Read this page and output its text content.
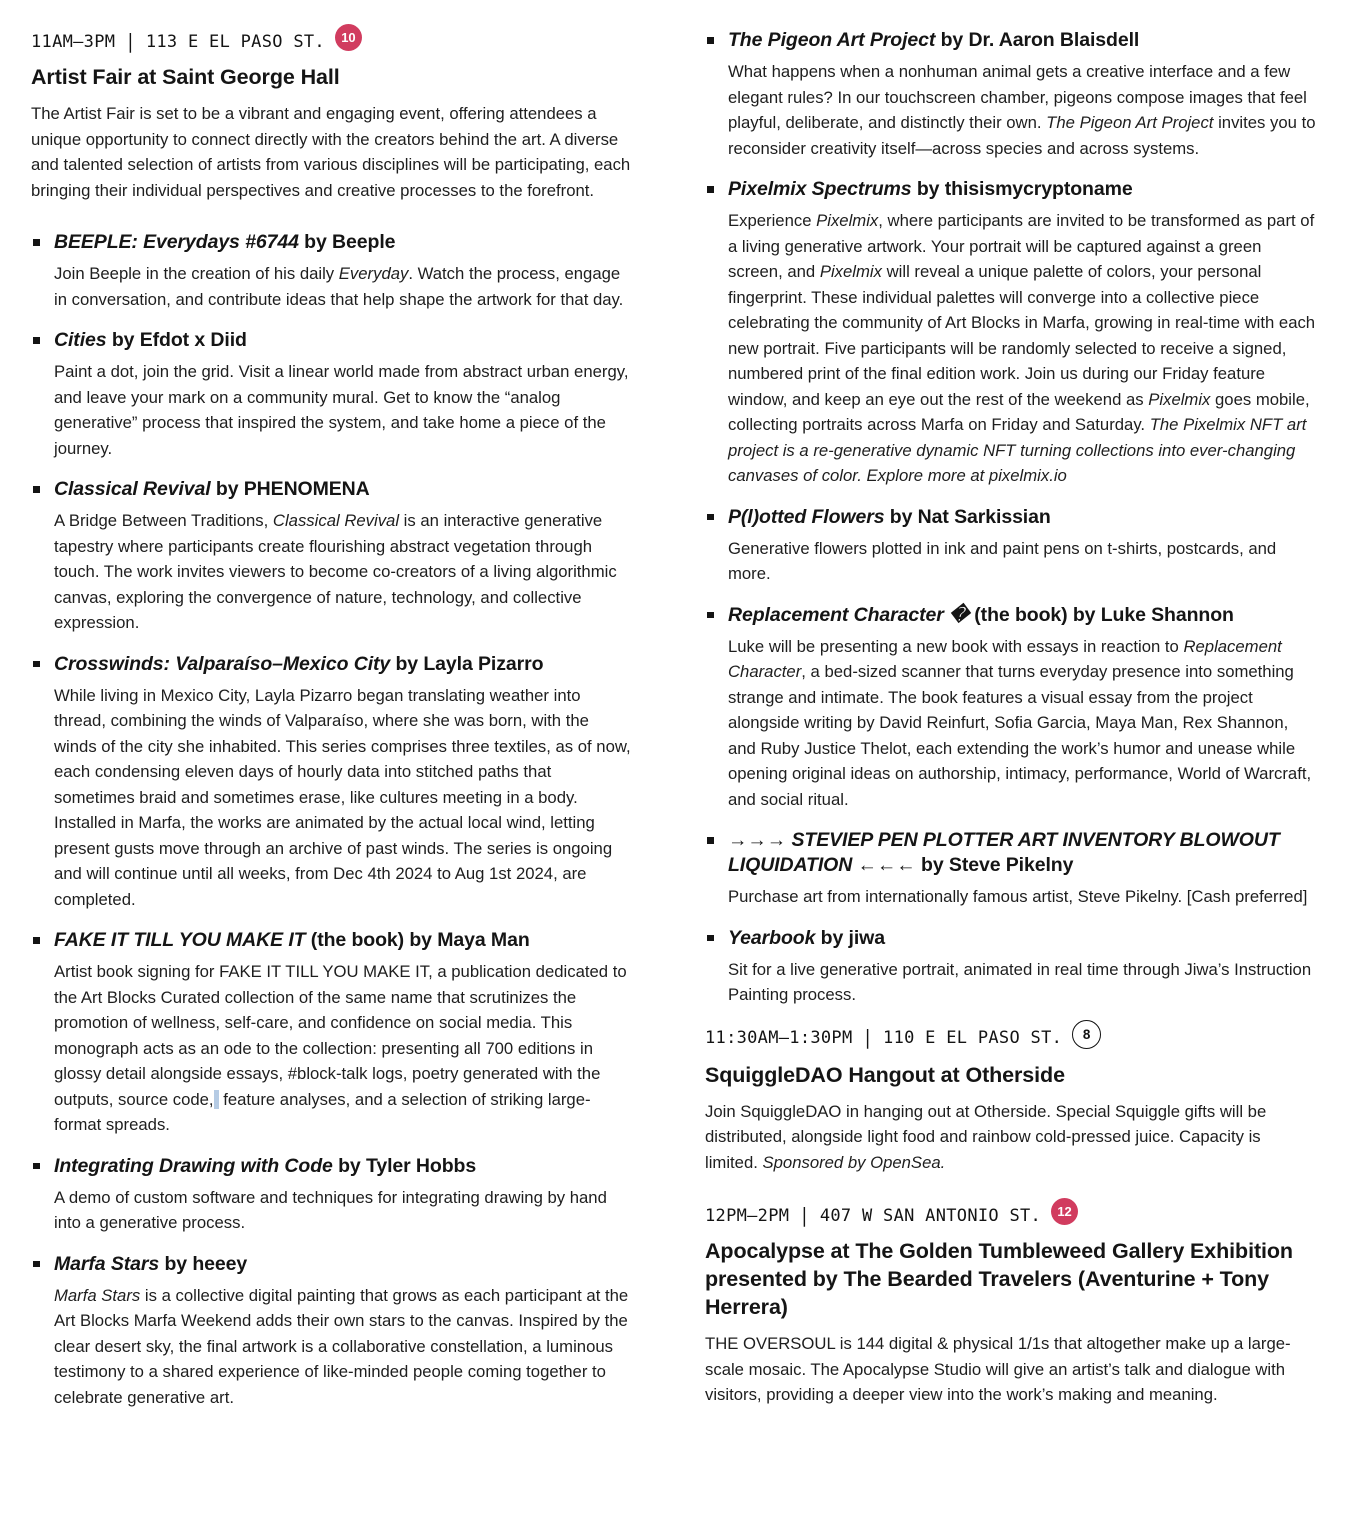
11AM–3PM | 113 E EL PASO ST.	10
Artist Fair at Saint George Hall

The Artist Fair is set to be a vibrant and engaging event, offering attendees a unique opportunity to connect directly with the creators behind the art. A diverse and talented selection of artists from various disciplines will be participating, each bringing their individual perspectives and creative processes to the forefront.

BEEPLE: Everydays #6744 by Beeple

Join Beeple in the creation of his daily Everyday. Watch the process, engage in conversation, and contribute ideas that help shape the artwork for that day.

Cities by Efdot x Diid

Paint a dot, join the grid. Visit a linear world made from abstract urban energy, and leave your mark on a community mural. Get to know the “analog generative” process that inspired the system, and take home a piece of the journey.

Classical Revival by PHENOMENA

A Bridge Between Traditions, Classical Revival is an interactive generative tapestry where participants create flourishing abstract vegetation through touch. The work invites viewers to become co-creators of a living algorithmic canvas, exploring the convergence of nature, technology, and collective expression.

Crosswinds: Valparaíso–Mexico City by Layla Pizarro

While living in Mexico City, Layla Pizarro began translating weather into thread, combining the winds of Valparaíso, where she was born, with the winds of the city she inhabited. This series comprises three textiles, as of now, each condensing eleven days of hourly data into stitched paths that sometimes braid and sometimes erase, like cultures meeting in a body. Installed in Marfa, the works are animated by the actual local wind, letting present gusts move through an archive of past winds. The series is ongoing and will continue until all weeks, from Dec 4th 2024 to Aug 1st 2024, are completed.

FAKE IT TILL YOU MAKE IT (the book) by Maya Man

Artist book signing for FAKE IT TILL YOU MAKE IT, a publication dedicated to the Art Blocks Curated collection of the same name that scrutinizes the promotion of wellness, self-care, and confidence on social media. This monograph acts as an ode to the collection: presenting all 700 editions in glossy detail alongside essays, #block-talk logs, poetry generated with the outputs, source code, feature analyses, and a selection of striking large-format spreads.

Integrating Drawing with Code by Tyler Hobbs

A demo of custom software and techniques for integrating drawing by hand into a generative process.

Marfa Stars by heeey

Marfa Stars is a collective digital painting that grows as each participant at the Art Blocks Marfa Weekend adds their own stars to the canvas. Inspired by the clear desert sky, the final artwork is a collaborative constellation, a luminous testimony to a shared experience of like-minded people coming together to celebrate generative art.

The Pigeon Art Project by Dr. Aaron Blaisdell

What happens when a nonhuman animal gets a creative interface and a few elegant rules? In our touchscreen chamber, pigeons compose images that feel playful, deliberate, and distinctly their own. The Pigeon Art Project invites you to reconsider creativity itself—across species and across systems.

Pixelmix Spectrums by thisismycryptoname

Experience Pixelmix, where participants are invited to be transformed as part of a living generative artwork. Your portrait will be captured against a green screen, and Pixelmix will reveal a unique palette of colors, your personal fingerprint. These individual palettes will converge into a collective piece celebrating the community of Art Blocks in Marfa, growing in real-time with each new portrait. Five participants will be randomly selected to receive a signed, numbered print of the final edition work. Join us during our Friday feature window, and keep an eye out the rest of the weekend as Pixelmix goes mobile, collecting portraits across Marfa on Friday and Saturday. The Pixelmix NFT art project is a re-generative dynamic NFT turning collections into ever-changing canvases of color. Explore more at pixelmix.io

P(l)otted Flowers by Nat Sarkissian

Generative flowers plotted in ink and paint pens on t-shirts, postcards, and more.

Replacement Character � (the book) by Luke Shannon

Luke will be presenting a new book with essays in reaction to Replacement Character, a bed-sized scanner that turns everyday presence into something strange and intimate. The book features a visual essay from the project alongside writing by David Reinfurt, Sofia Garcia, Maya Man, Rex Shannon, and Ruby Justice Thelot, each extending the work’s humor and unease while opening original ideas on authorship, intimacy, performance, World of Warcraft, and social ritual.

→→→ STEVIEP PEN PLOTTER ART INVENTORY BLOWOUT LIQUIDATION ←←← by Steve Pikelny

Purchase art from internationally famous artist, Steve Pikelny. [Cash preferred]

Yearbook by jiwa

Sit for a live generative portrait, animated in real time through Jiwa’s Instruction Painting process.

11:30AM–1:30PM | 110 E EL PASO ST.	8
SquiggleDAO Hangout at Otherside

Join SquiggleDAO in hanging out at Otherside. Special Squiggle gifts will be distributed, alongside light food and rainbow cold-pressed juice. Capacity is limited. Sponsored by OpenSea.

12PM–2PM | 407 W SAN ANTONIO ST.	12
Apocalypse at The Golden Tumbleweed Gallery Exhibition presented by The Bearded Travelers (Aventurine + Tony Herrera)

THE OVERSOUL is 144 digital & physical 1/1s that altogether make up a large-scale mosaic. The Apocalypse Studio will give an artist’s talk and dialogue with visitors, providing a deeper view into the work’s making and meaning.
